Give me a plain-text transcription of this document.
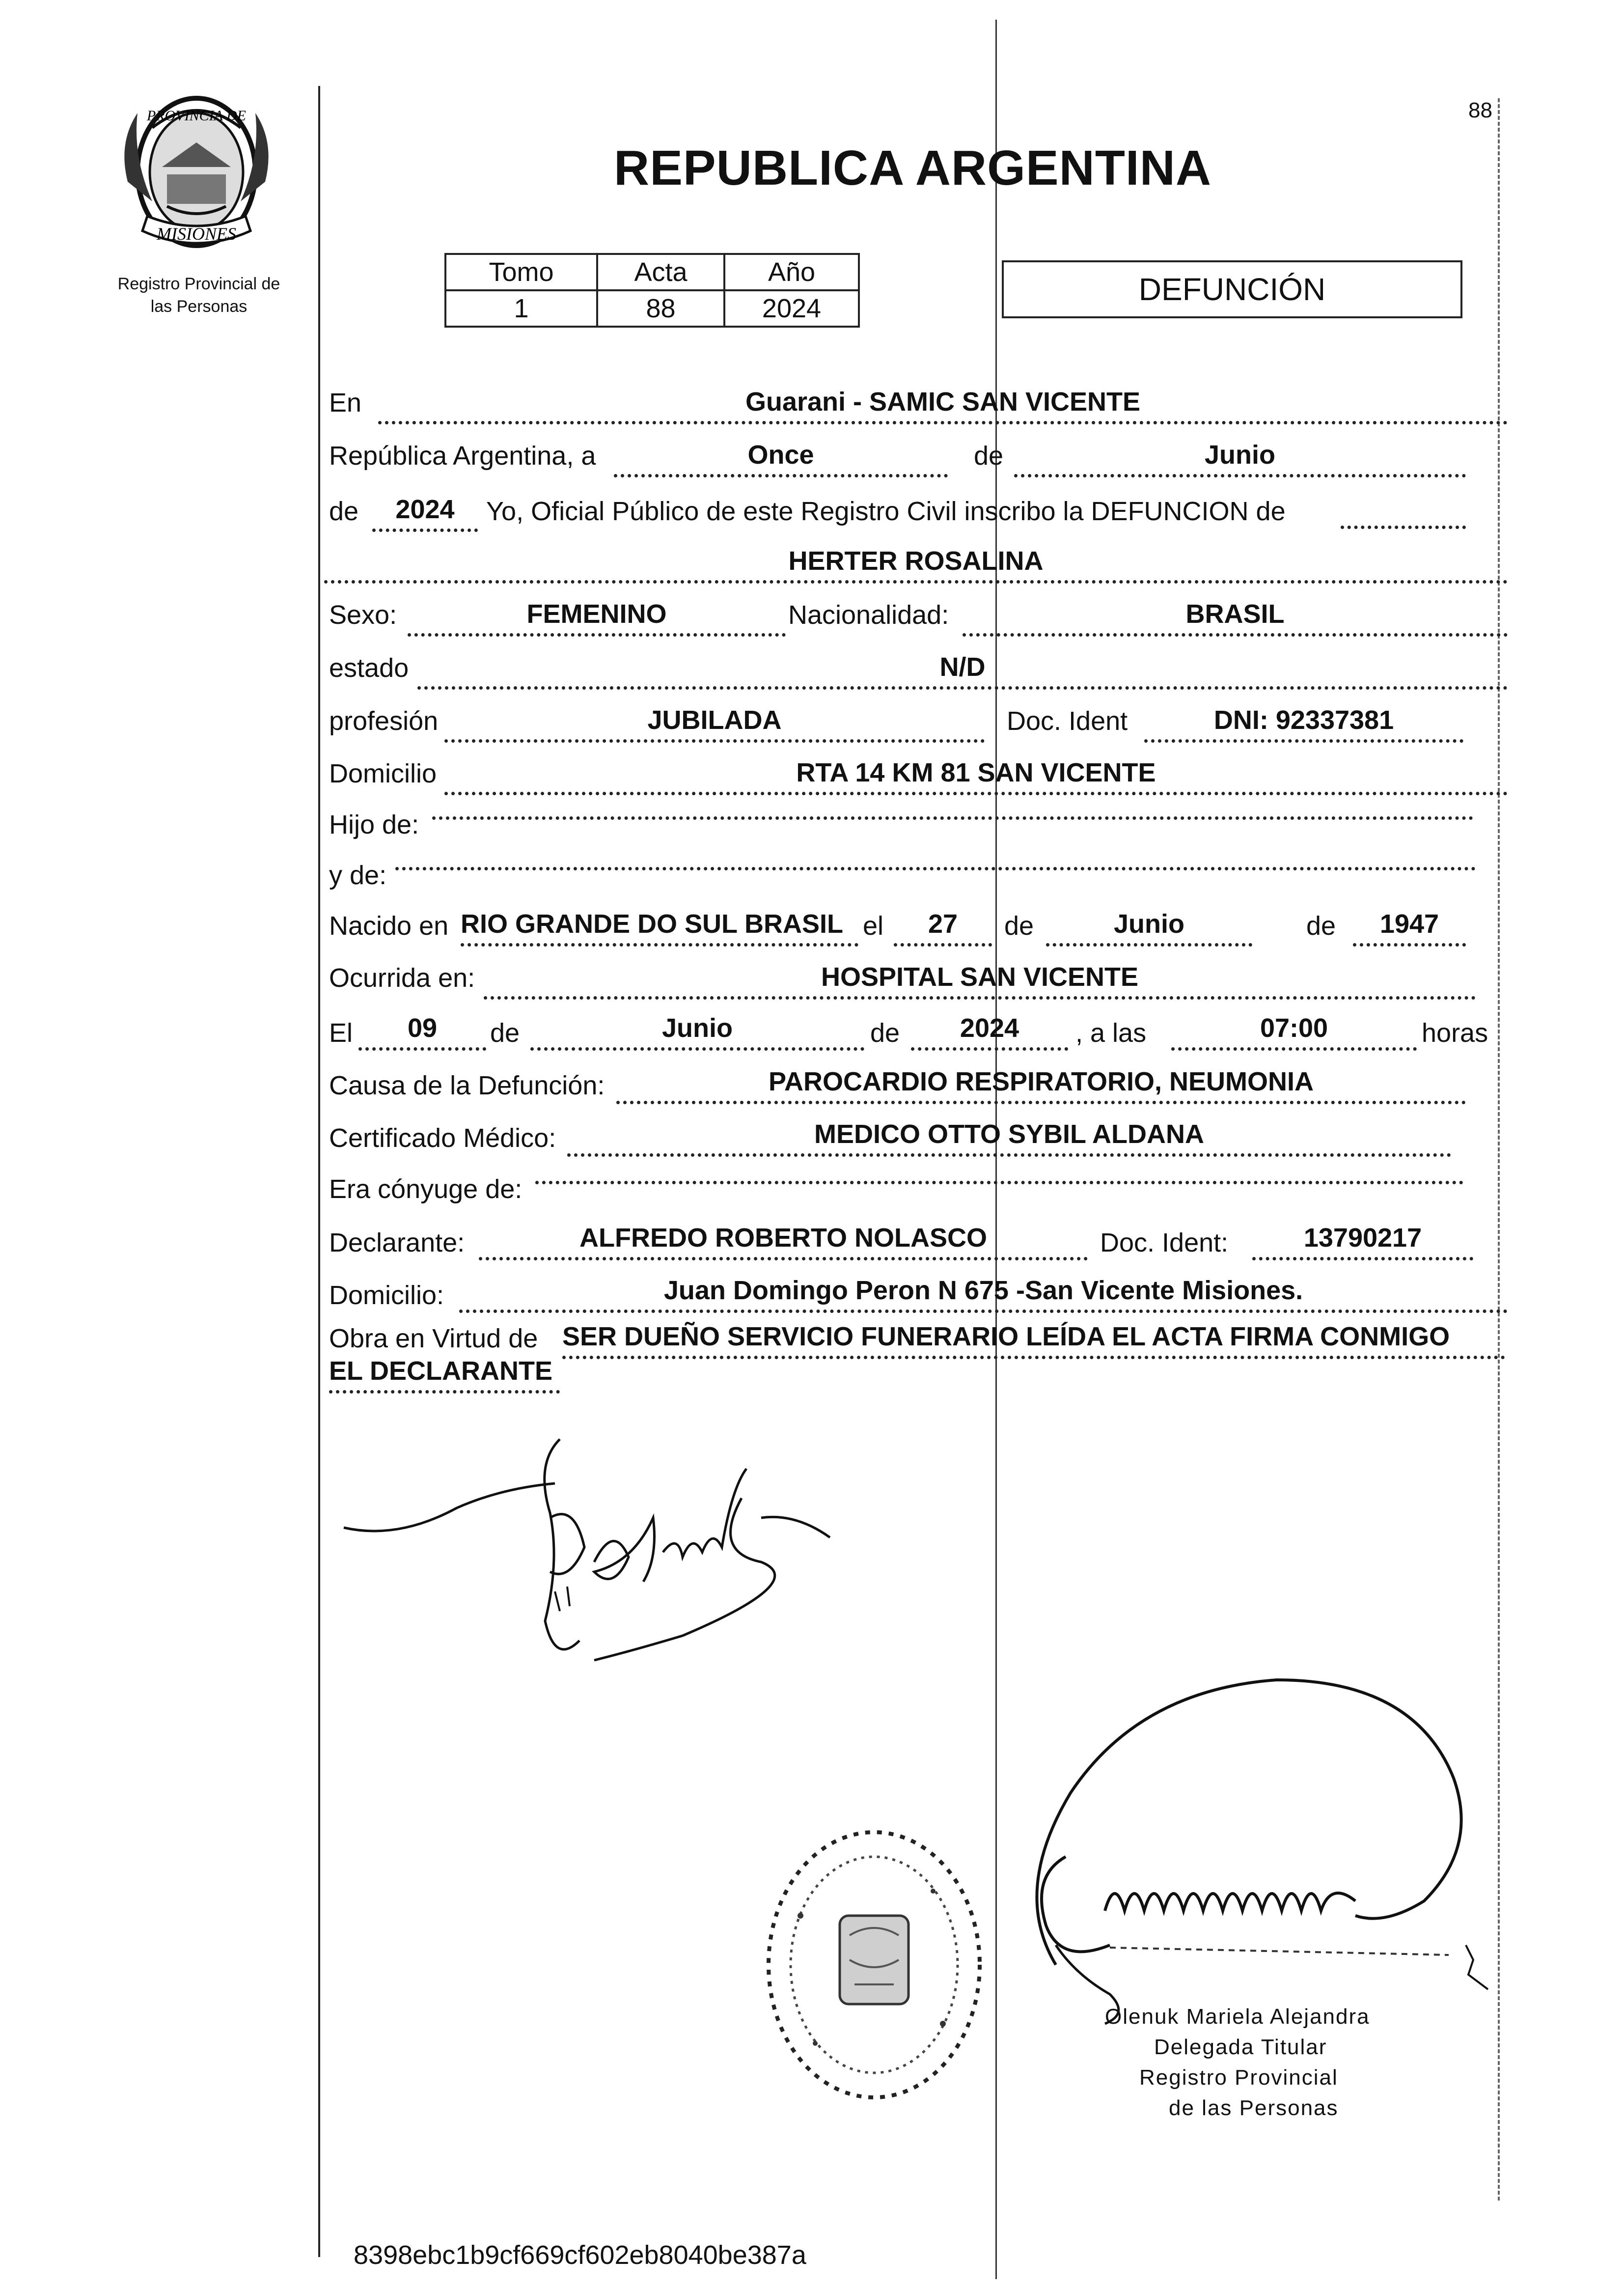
PROVINCIA DE
MISIONES
Registro Provincial de
las Personas
88
REPUBLICA ARGENTINA
Tomo	Acta	Año
1	88	2024
DEFUNCIÓN
En	Guarani - SAMIC SAN VICENTE
República Argentina, a	Once	de	Junio
de	2024	Yo, Oficial Público de este Registro Civil inscribo la DEFUNCION de
HERTER ROSALINA
Sexo:	FEMENINO	Nacionalidad:	BRASIL
estado	N/D
profesión	JUBILADA	Doc. Ident	DNI: 92337381
Domicilio	RTA 14 KM 81 SAN VICENTE
Hijo de:
y de:
Nacido en RIO GRANDE DO SUL BRASIL el	27	de	Junio	de	1947
Ocurrida en:	HOSPITAL SAN VICENTE
El	09	de	Junio	de	2024	, a las	07:00	horas
Causa de la Defunción:	PAROCARDIO RESPIRATORIO, NEUMONIA
Certificado Médico:	MEDICO OTTO SYBIL ALDANA
Era cónyuge de:
Declarante:	ALFREDO ROBERTO NOLASCO	Doc. Ident:	13790217
Domicilio:	Juan Domingo Peron N 675 -San Vicente Misiones.
Obra en Virtud de SER DUEÑO SERVICIO FUNERARIO LEÍDA EL ACTA FIRMA CONMIGO
EL DECLARANTE
Olenuk Mariela Alejandra
Delegada Titular
Registro Provincial
de las Personas
8398ebc1b9cf669cf602eb8040be387a
